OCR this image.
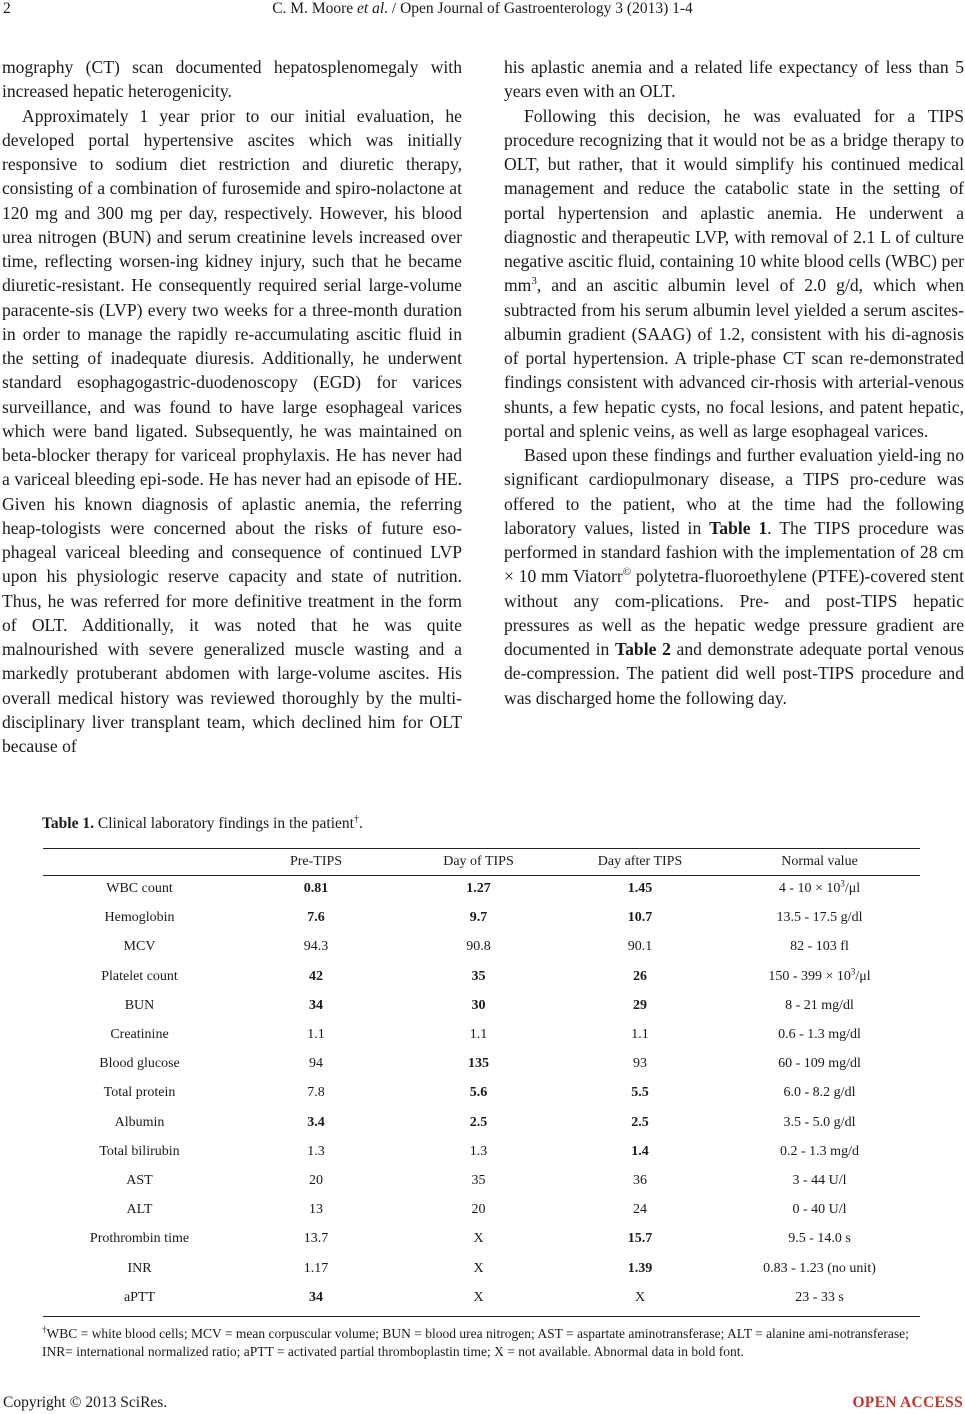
2	C. M. Moore et al. / Open Journal of Gastroenterology 3 (2013) 1-4

mography (CT) scan documented hepatosplenomegaly with increased hepatic heterogenicity.

Approximately 1 year prior to our initial evaluation, he developed portal hypertensive ascites which was initially responsive to sodium diet restriction and diuretic therapy, consisting of a combination of furosemide and spiro-nolactone at 120 mg and 300 mg per day, respectively. However, his blood urea nitrogen (BUN) and serum creatinine levels increased over time, reflecting worsen-ing kidney injury, such that he became diuretic-resistant. He consequently required serial large-volume paracente-sis (LVP) every two weeks for a three-month duration in order to manage the rapidly re-accumulating ascitic fluid in the setting of inadequate diuresis. Additionally, he underwent standard esophagogastric-duodenoscopy (EGD) for varices surveillance, and was found to have large esophageal varices which were band ligated. Subsequently, he was maintained on beta-blocker therapy for variceal prophylaxis. He has never had a variceal bleeding epi-sode. He has never had an episode of HE. Given his known diagnosis of aplastic anemia, the referring heap-tologists were concerned about the risks of future eso-phageal variceal bleeding and consequence of continued LVP upon his physiologic reserve capacity and state of nutrition. Thus, he was referred for more definitive treatment in the form of OLT. Additionally, it was noted that he was quite malnourished with severe generalized muscle wasting and a markedly protuberant abdomen with large-volume ascites. His overall medical history was reviewed thoroughly by the multi-disciplinary liver transplant team, which declined him for OLT because of

his aplastic anemia and a related life expectancy of less than 5 years even with an OLT.

Following this decision, he was evaluated for a TIPS procedure recognizing that it would not be as a bridge therapy to OLT, but rather, that it would simplify his continued medical management and reduce the catabolic state in the setting of portal hypertension and aplastic anemia. He underwent a diagnostic and therapeutic LVP, with removal of 2.1 L of culture negative ascitic fluid, containing 10 white blood cells (WBC) per $mm^3$, and an ascitic albumin level of 2.0 g/d, which when subtracted from his serum albumin level yielded a serum ascites-albumin gradient (SAAG) of 1.2, consistent with his di-agnosis of portal hypertension. A triple-phase CT scan re-demonstrated findings consistent with advanced cir-rhosis with arterial-venous shunts, a few hepatic cysts, no focal lesions, and patent hepatic, portal and splenic veins, as well as large esophageal varices.

Based upon these findings and further evaluation yield-ing no significant cardiopulmonary disease, a TIPS pro-cedure was offered to the patient, who at the time had the following laboratory values, listed in Table 1. The TIPS procedure was performed in standard fashion with the implementation of 28 cm × 10 mm Viatorr© polytetra-fluoroethylene (PTFE)-covered stent without any com-plications. Pre- and post-TIPS hepatic pressures as well as the hepatic wedge pressure gradient are documented in Table 2 and demonstrate adequate portal venous de-compression. The patient did well post-TIPS procedure and was discharged home the following day.

Table 1. Clinical laboratory findings in the patient†.
Pre-TIPS	Day of TIPS	Day after TIPS	Normal value
WBC count	0.81	1.27	1.45	$4 - 10 \times 10^3/\mu l$
Hemoglobin	7.6	9.7	10.7	13.5 - 17.5 g/dl
MCV	94.3	90.8	90.1	82 - 103 fl
Platelet count	42	35	26	$150 - 399 \times 10^3/\mu l$
BUN	34	30	29	8 - 21 mg/dl
Creatinine	1.1	1.1	1.1	0.6 - 1.3 mg/dl
Blood glucose	94	135	93	60 - 109 mg/dl
Total protein	7.8	5.6	5.5	6.0 - 8.2 g/dl
Albumin	3.4	2.5	2.5	3.5 - 5.0 g/dl
Total bilirubin	1.3	1.3	1.4	0.2 - 1.3 mg/d
AST	20	35	36	3 - 44 U/l
ALT	13	20	24	0 - 40 U/l
Prothrombin time	13.7	X	15.7	9.5 - 14.0 s
INR	1.17	X	1.39	0.83 - 1.23 (no unit)
aPTT	34	X	X	23 - 33 s
†WBC = white blood cells; MCV = mean corpuscular volume; BUN = blood urea nitrogen; AST = aspartate aminotransferase; ALT = alanine ami-notransferase; INR= international normalized ratio; aPTT = activated partial thromboplastin time; X = not available. Abnormal data in bold font.
Copyright © 2013 SciRes.	OPEN ACCESS
